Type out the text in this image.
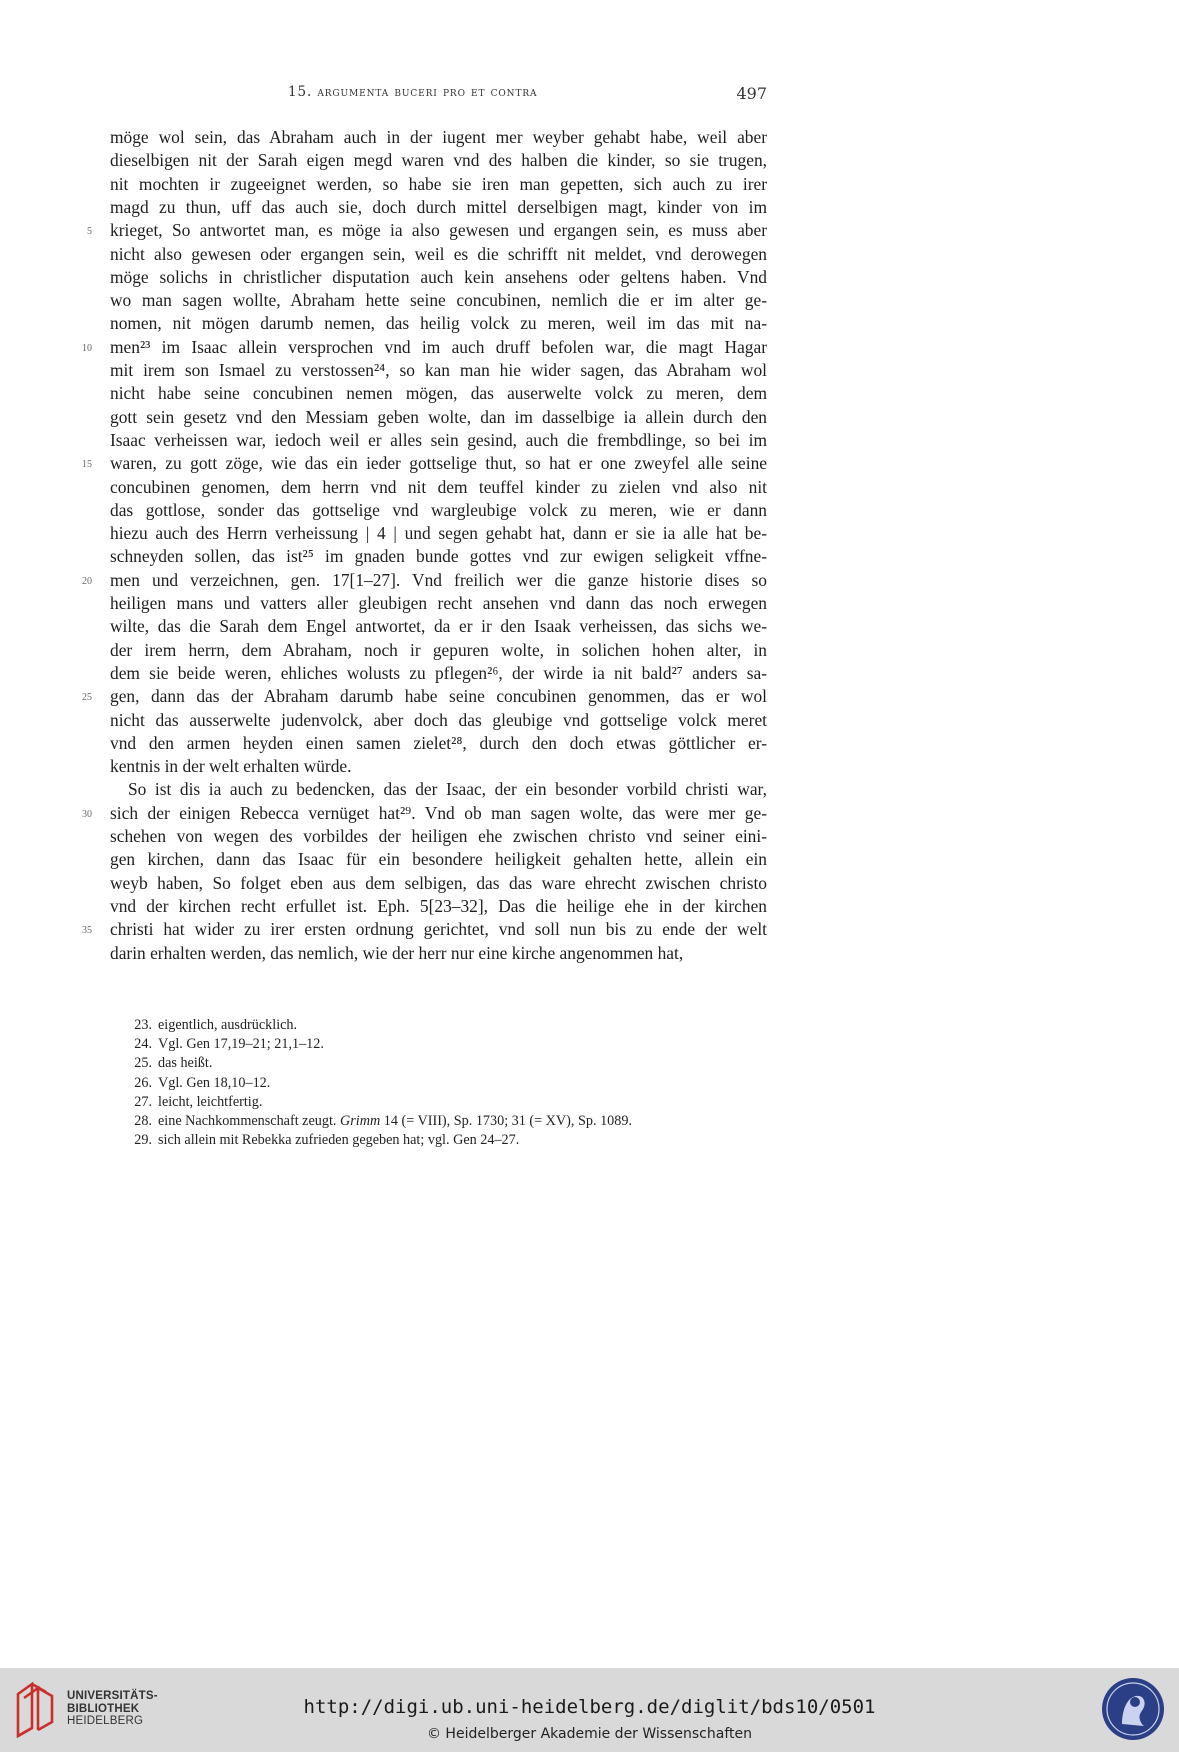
15. argumenta buceri pro et contra	497
möge wol sein, das Abraham auch in der iugent mer weyber gehabt habe, weil aber
dieselbigen nit der Sarah eigen megd waren vnd des halben die kinder, so sie trugen,
nit mochten ir zugeeignet werden, so habe sie iren man gepetten, sich auch zu irer
magd zu thun, uff das auch sie, doch durch mittel derselbigen magt, kinder von im
krieget, So antwortet man, es möge ia also gewesen und ergangen sein, es muss aber
nicht also gewesen oder ergangen sein, weil es die schrifft nit meldet, vnd derowegen
möge solichs in christlicher disputation auch kein ansehens oder geltens haben. Vnd
wo man sagen wollte, Abraham hette seine concubinen, nemlich die er im alter ge-
nomen, nit mögen darumb nemen, das heilig volck zu meren, weil im das mit na-
men²³ im Isaac allein versprochen vnd im auch druff befolen war, die magt Hagar
mit irem son Ismael zu verstossen²⁴, so kan man hie wider sagen, das Abraham wol
nicht habe seine concubinen nemen mögen, das auserwelte volck zu meren, dem
gott sein gesetz vnd den Messiam geben wolte, dan im dasselbige ia allein durch den
Isaac verheissen war, iedoch weil er alles sein gesind, auch die frembdlinge, so bei im
waren, zu gott zöge, wie das ein ieder gottselige thut, so hat er one zweyfel alle seine
concubinen genomen, dem herrn vnd nit dem teuffel kinder zu zielen vnd also nit
das gottlose, sonder das gottselige vnd wargleubige volck zu meren, wie er dann
hiezu auch des Herrn verheissung | 4 | und segen gehabt hat, dann er sie ia alle hat be-
schneyden sollen, das ist²⁵ im gnaden bunde gottes vnd zur ewigen seligkeit vffne-
men und verzeichnen, gen. 17[1–27]. Vnd freilich wer die ganze historie dises so
heiligen mans und vatters aller gleubigen recht ansehen vnd dann das noch erwegen
wilte, das die Sarah dem Engel antwortet, da er ir den Isaak verheissen, das sichs we-
der irem herrn, dem Abraham, noch ir gepuren wolte, in solichen hohen alter, in
dem sie beide weren, ehliches wolusts zu pflegen²⁶, der wirde ia nit bald²⁷ anders sa-
gen, dann das der Abraham darumb habe seine concubinen genommen, das er wol
nicht das ausserwelte judenvolck, aber doch das gleubige vnd gottselige volck meret
vnd den armen heyden einen samen zielet²⁸, durch den doch etwas göttlicher er-
kentnis in der welt erhalten würde.
So ist dis ia auch zu bedencken, das der Isaac, der ein besonder vorbild christi war,
sich der einigen Rebecca vernüget hat²⁹. Vnd ob man sagen wolte, das were mer ge-
schehen von wegen des vorbildes der heiligen ehe zwischen christo vnd seiner eini-
gen kirchen, dann das Isaac für ein besondere heiligkeit gehalten hette, allein ein
weyb haben, So folget eben aus dem selbigen, das das ware ehrecht zwischen christo
vnd der kirchen recht erfullet ist. Eph. 5[23–32], Das die heilige ehe in der kirchen
christi hat wider zu irer ersten ordnung gerichtet, vnd soll nun bis zu ende der welt
darin erhalten werden, das nemlich, wie der herr nur eine kirche angenommen hat,
5
10
15
20
25
30
35
23. eigentlich, ausdrücklich.
24. Vgl. Gen 17,19–21; 21,1–12.
25. das heißt.
26. Vgl. Gen 18,10–12.
27. leicht, leichtfertig.
28. eine Nachkommenschaft zeugt. Grimm 14 (= VIII), Sp. 1730; 31 (= XV), Sp. 1089.
29. sich allein mit Rebekka zufrieden gegeben hat; vgl. Gen 24–27.
UNIVERSITÄTS-
BIBLIOTHEK
HEIDELBERG
http://digi.ub.uni-heidelberg.de/diglit/bds10/0501
© Heidelberger Akademie der Wissenschaften
